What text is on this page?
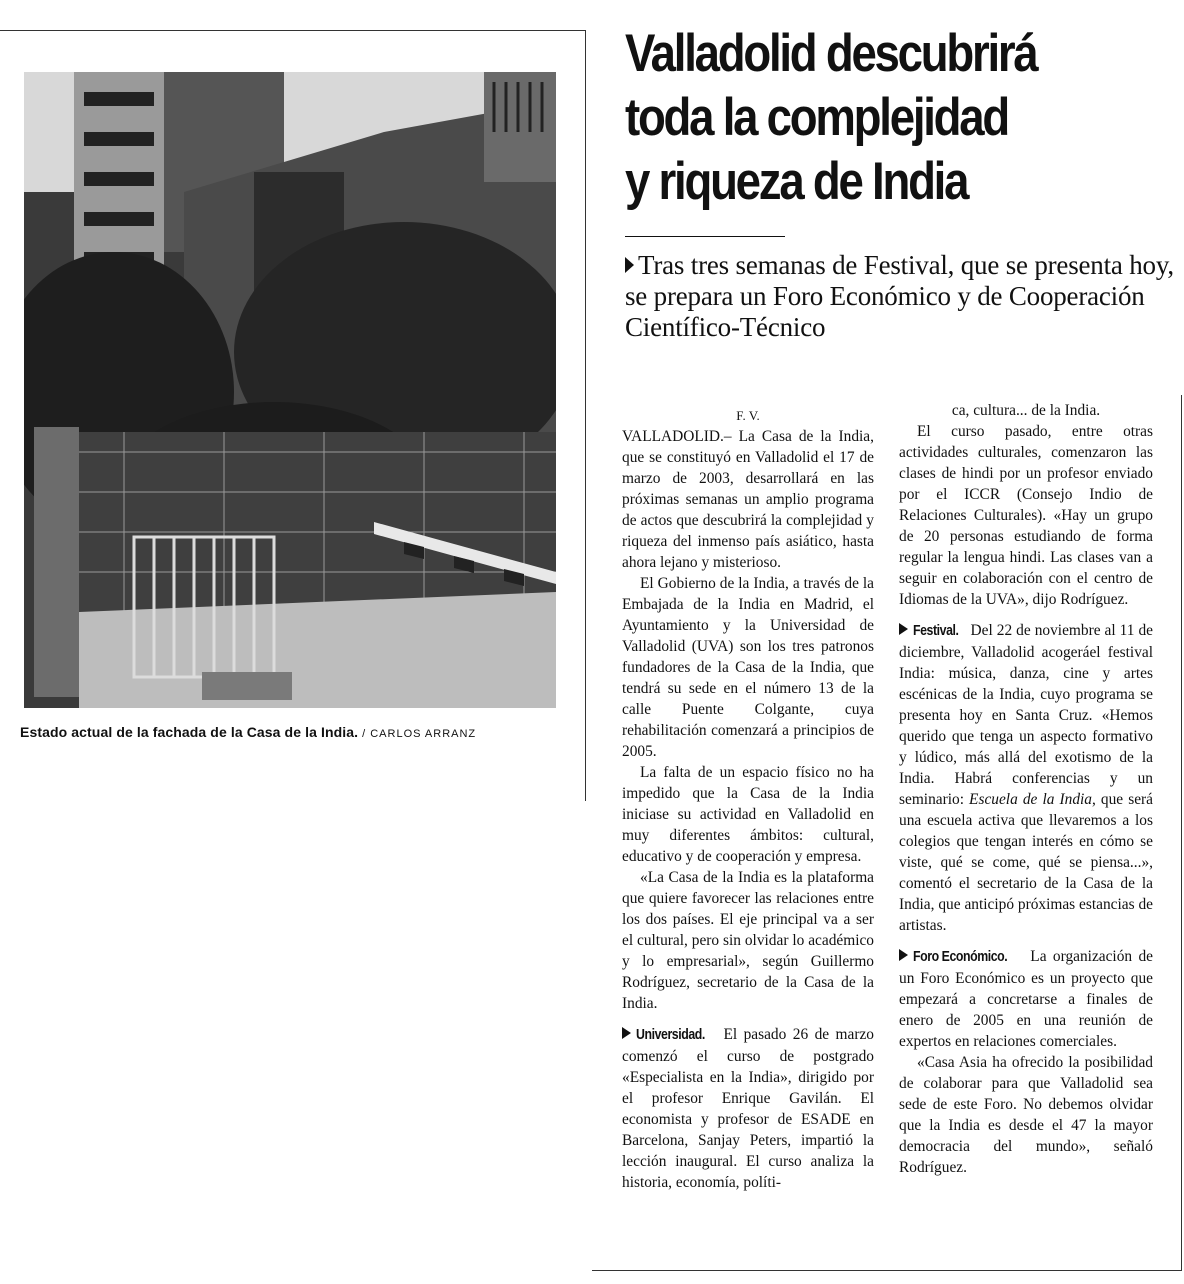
Estado actual de la fachada de la Casa de la India. / CARLOS ARRANZ
Valladolid descubrirá
toda la complejidad
y riqueza de India

Tras tres semanas de Festival, que se presenta hoy, se prepara un Foro Económico y de Cooperación Científico-Técnico

F. V.

VALLADOLID.– La Casa de la India, que se constituyó en Valladolid el 17 de marzo de 2003, desarrollará en las próximas semanas un amplio programa de actos que descubrirá la complejidad y riqueza del inmenso país asiático, hasta ahora lejano y misterioso.

El Gobierno de la India, a través de la Embajada de la India en Madrid, el Ayuntamiento y la Universidad de Valladolid (UVA) son los tres patronos fundadores de la Casa de la India, que tendrá su sede en el número 13 de la calle Puente Colgante, cuya rehabilitación comenzará a principios de 2005.

La falta de un espacio físico no ha impedido que la Casa de la India iniciase su actividad en Valladolid en muy diferentes ámbitos: cultural, educativo y de cooperación y empresa.

«La Casa de la India es la plataforma que quiere favorecer las relaciones entre los dos países. El eje principal va a ser el cultural, pero sin olvidar lo académico y lo empresarial», según Guillermo Rodríguez, secretario de la Casa de la India.

Universidad. El pasado 26 de marzo comenzó el curso de postgrado «Especialista en la India», dirigido por el profesor Enrique Gavilán. El economista y profesor de ESADE en Barcelona, Sanjay Peters, impartió la lección inaugural. El curso analiza la historia, economía, políti-

ca, cultura... de la India.

El curso pasado, entre otras actividades culturales, comenzaron las clases de hindi por un profesor enviado por el ICCR (Consejo Indio de Relaciones Culturales). «Hay un grupo de 20 personas estudiando de forma regular la lengua hindi. Las clases van a seguir en colaboración con el centro de Idiomas de la UVA», dijo Rodríguez.

Festival. Del 22 de noviembre al 11 de diciembre, Valladolid acogeráel festival India: música, danza, cine y artes escénicas de la India, cuyo programa se presenta hoy en Santa Cruz. «Hemos querido que tenga un aspecto formativo y lúdico, más allá del exotismo de la India. Habrá conferencias y un seminario: Escuela de la India, que será una escuela activa que llevaremos a los colegios que tengan interés en cómo se viste, qué se come, qué se piensa...», comentó el secretario de la Casa de la India, que anticipó próximas estancias de artistas.

Foro Económico. La organización de un Foro Económico es un proyecto que empezará a concretarse a finales de enero de 2005 en una reunión de expertos en relaciones comerciales.

«Casa Asia ha ofrecido la posibilidad de colaborar para que Valladolid sea sede de este Foro. No debemos olvidar que la India es desde el 47 la mayor democracia del mundo», señaló Rodríguez.
